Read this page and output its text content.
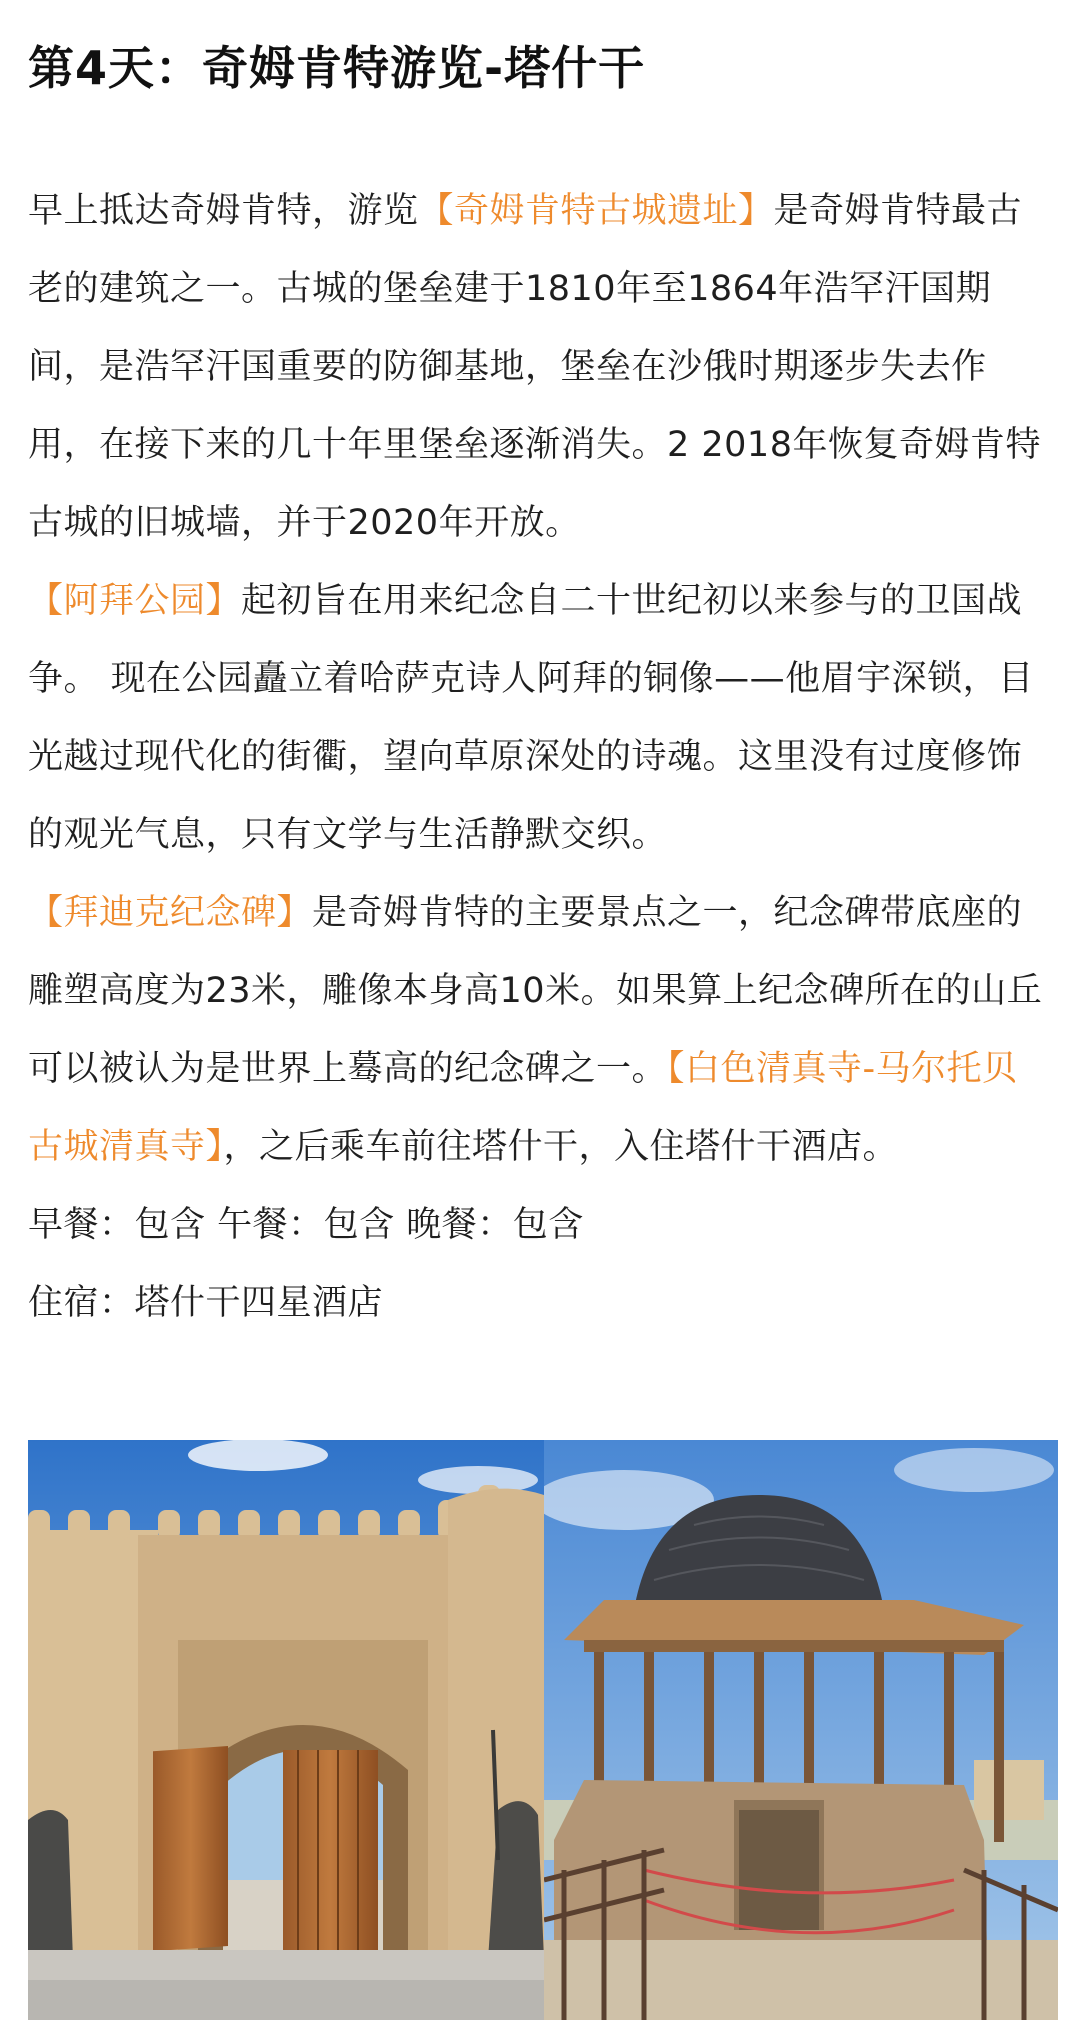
第4天：奇姆肯特游览-塔什干

早上抵达奇姆肯特，游览【奇姆肯特古城遗址】是奇姆肯特最古老的建筑之一。古城的堡垒建于1810年至1864年浩罕汗国期间，是浩罕汗国重要的防御基地，堡垒在沙俄时期逐步失去作用，在接下来的几十年里堡垒逐渐消失。2 2018年恢复奇姆肯特古城的旧城墙，并于2020年开放。

【阿拜公园】起初旨在用来纪念自二十世纪初以来参与的卫国战争。 现在公园矗立着哈萨克诗人阿拜的铜像——他眉宇深锁，目光越过现代化的街衢，望向草原深处的诗魂。这里没有过度修饰的观光气息，只有文学与生活静默交织。

【拜迪克纪念碑】是奇姆肯特的主要景点之一，纪念碑带底座的雕塑高度为23米，雕像本身高10米。如果算上纪念碑所在的山丘可以被认为是世界上蓦高的纪念碑之一。【白色清真寺-马尔托贝古城清真寺】，之后乘车前往塔什干，入住塔什干酒店。

早餐：包含 午餐：包含 晚餐：包含

住宿：塔什干四星酒店
